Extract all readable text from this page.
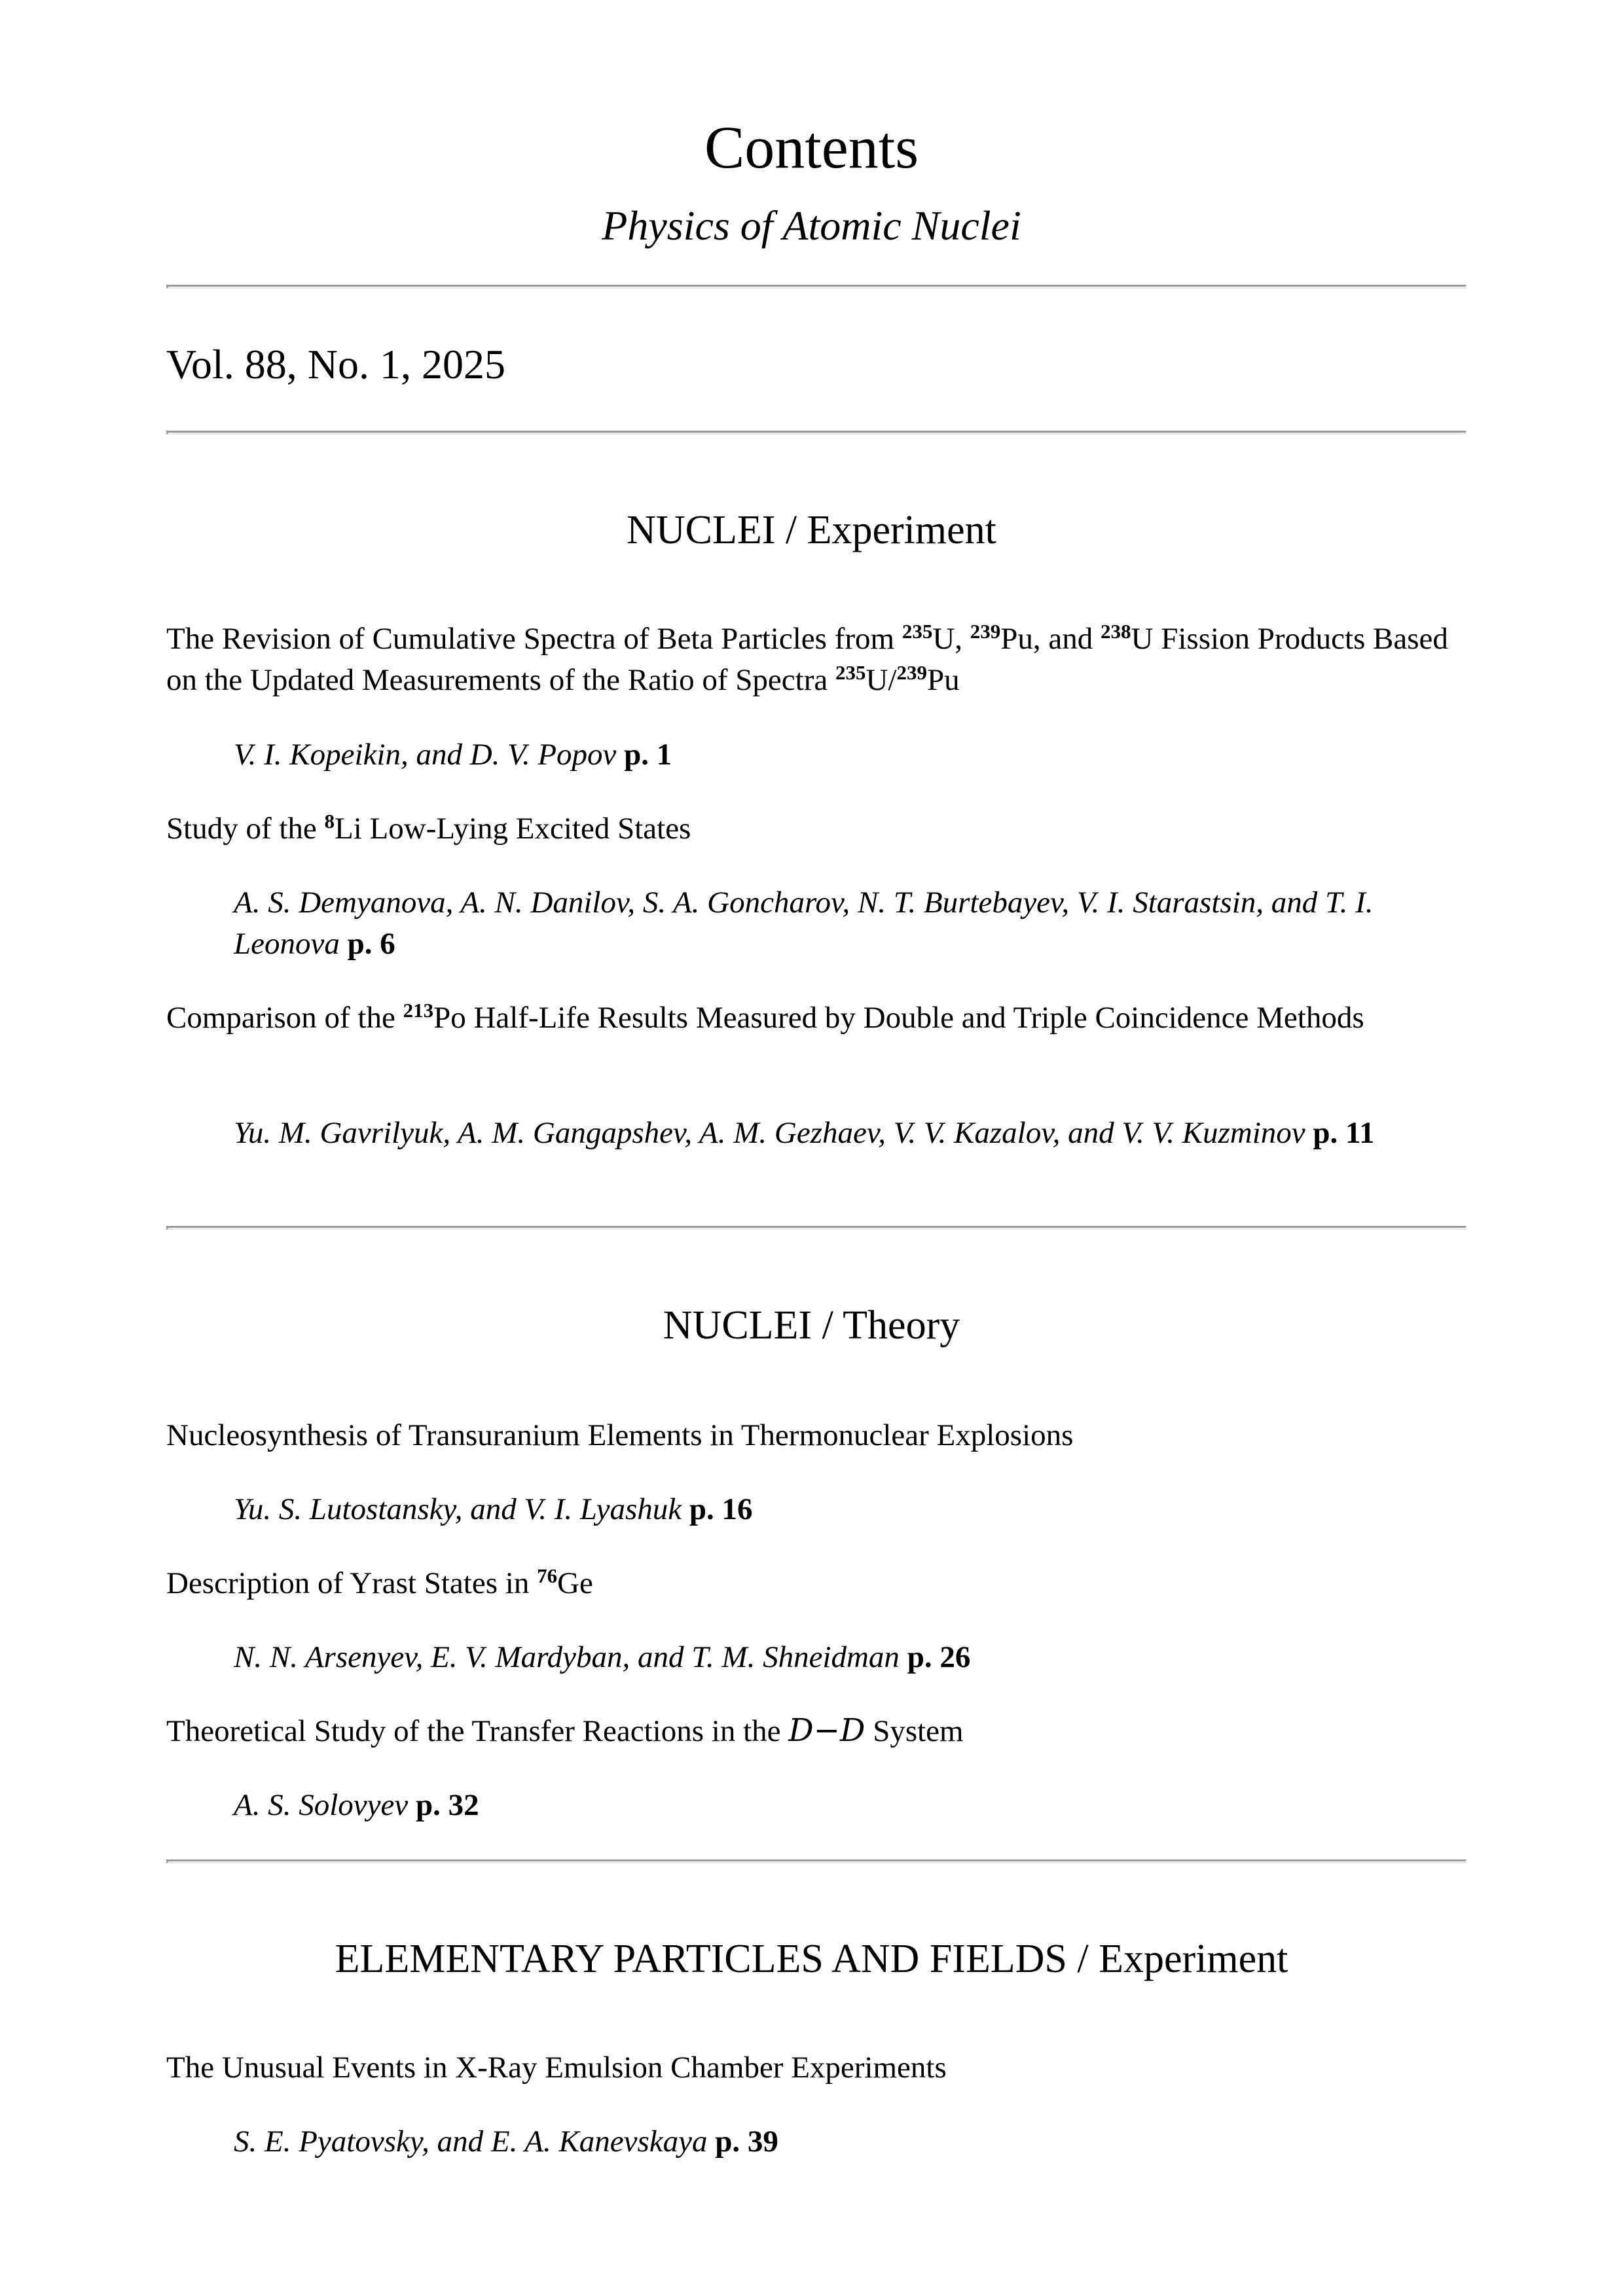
Contents
Physics of Atomic Nuclei
Vol. 88, No. 1, 2025
NUCLEI / Experiment
The Revision of Cumulative Spectra of Beta Particles from $^{235}$U, $^{239}$Pu, and $^{238}$U Fission Products Based on the Updated Measurements of the Ratio of Spectra $^{235}$U/$^{239}$Pu
V. I. Kopeikin, and D. V. Popov p. 1
Study of the $^8$Li Low-Lying Excited States
A. S. Demyanova, A. N. Danilov, S. A. Goncharov, N. T. Burtebayev, V. I. Starastsin, and T. I. Leonova p. 6
Comparison of the $^{213}$Po Half-Life Results Measured by Double and Triple Coincidence Methods
Yu. M. Gavrilyuk, A. M. Gangapshev, A. M. Gezhaev, V. V. Kazalov, and V. V. Kuzminov p. 11
NUCLEI / Theory
Nucleosynthesis of Transuranium Elements in Thermonuclear Explosions
Yu. S. Lutostansky, and V. I. Lyashuk p. 16
Description of Yrast States in $^{76}$Ge
N. N. Arsenyev, E. V. Mardyban, and T. M. Shneidman p. 26
Theoretical Study of the Transfer Reactions in the D−D System
A. S. Solovyev p. 32
ELEMENTARY PARTICLES AND FIELDS / Experiment
The Unusual Events in X-Ray Emulsion Chamber Experiments
S. E. Pyatovsky, and E. A. Kanevskaya p. 39
